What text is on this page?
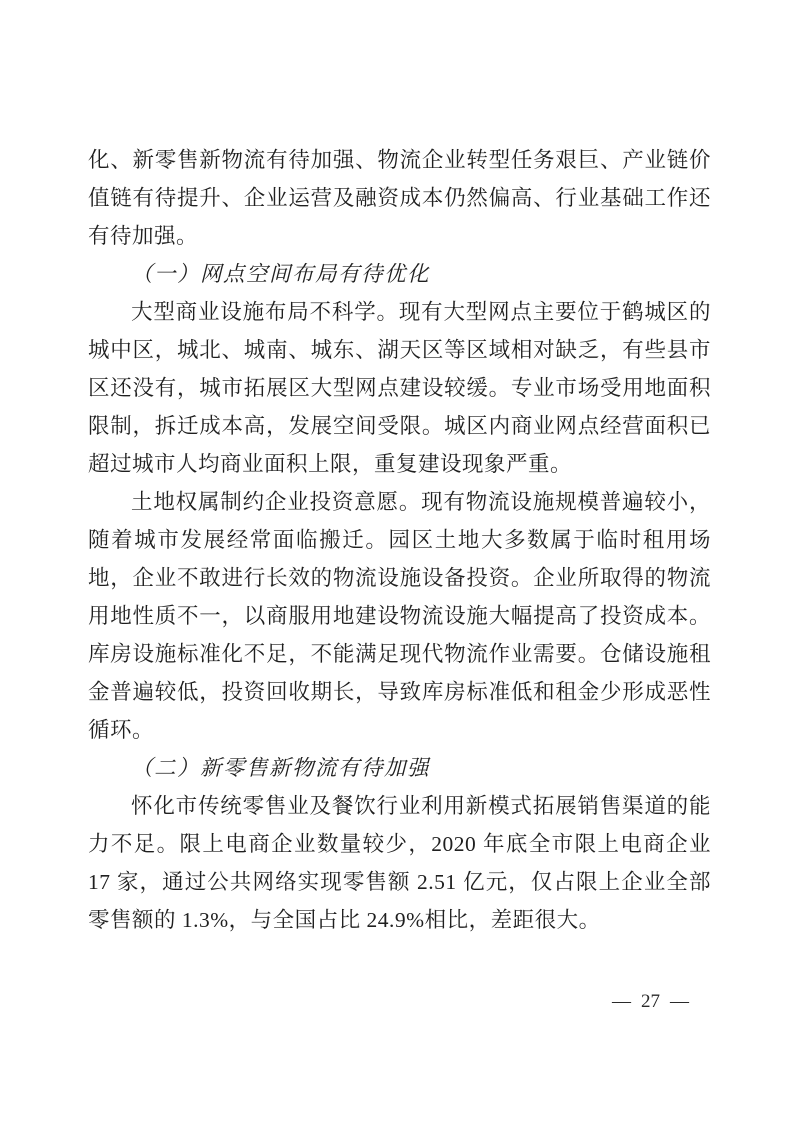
化、新零售新物流有待加强、物流企业转型任务艰巨、产业链价值链有待提升、企业运营及融资成本仍然偏高、行业基础工作还有待加强。

（一）网点空间布局有待优化

大型商业设施布局不科学。现有大型网点主要位于鹤城区的城中区，城北、城南、城东、湖天区等区域相对缺乏，有些县市区还没有，城市拓展区大型网点建设较缓。专业市场受用地面积限制，拆迁成本高，发展空间受限。城区内商业网点经营面积已超过城市人均商业面积上限，重复建设现象严重。

土地权属制约企业投资意愿。现有物流设施规模普遍较小，随着城市发展经常面临搬迁。园区土地大多数属于临时租用场地，企业不敢进行长效的物流设施设备投资。企业所取得的物流用地性质不一，以商服用地建设物流设施大幅提高了投资成本。库房设施标准化不足，不能满足现代物流作业需要。仓储设施租金普遍较低，投资回收期长，导致库房标准低和租金少形成恶性循环。

（二）新零售新物流有待加强

怀化市传统零售业及餐饮行业利用新模式拓展销售渠道的能力不足。限上电商企业数量较少，2020 年底全市限上电商企业 17 家，通过公共网络实现零售额 2.51 亿元，仅占限上企业全部零售额的 1.3%，与全国占比 24.9%相比，差距很大。

— 27 —
